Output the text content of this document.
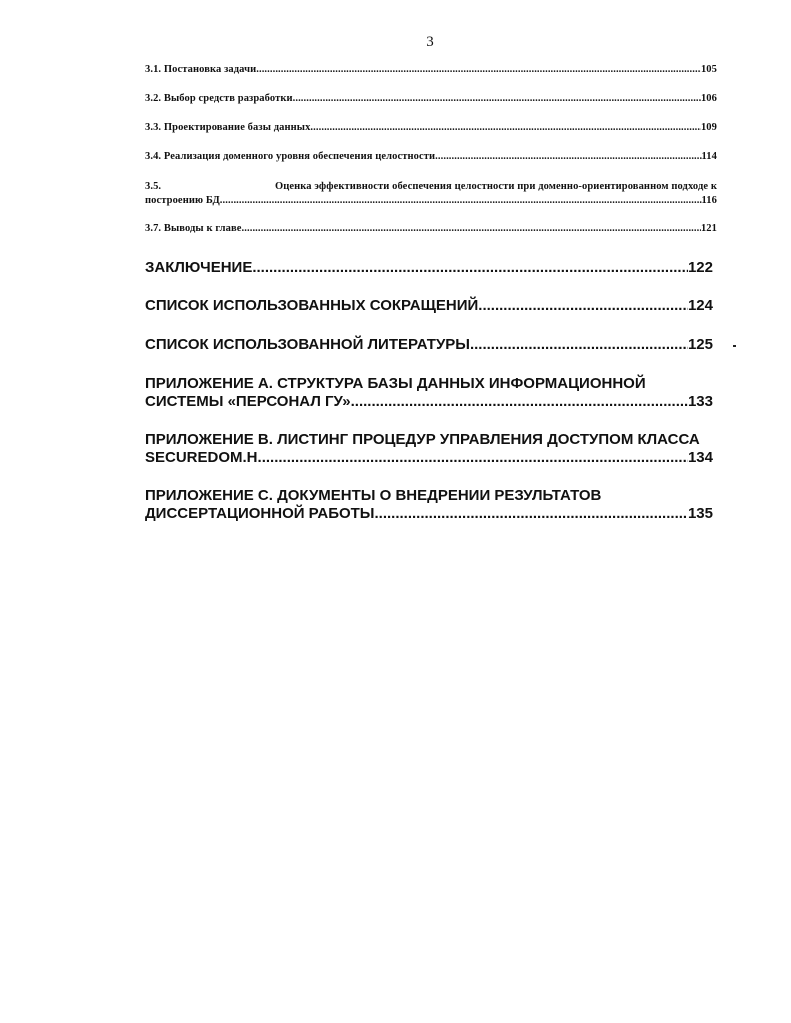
3
3.1. Постановка задачи. .....	105
3.2. Выбор средств разработки. .....	106
3.3. Проектирование базы данных. .....	109
3.4. Реализация доменного уровня обеспечения целостности. .....	114
3.5.	Оценка эффективности обеспечения целостности при доменно-ориентированном подходе к
построению БД. .....	116
3.7. Выводы к главе. .....	121
ЗАКЛЮЧЕНИЕ. .....	122
СПИСОК ИСПОЛЬЗОВАННЫХ СОКРАЩЕНИЙ. .....	124
СПИСОК ИСПОЛЬЗОВАННОЙ ЛИТЕРАТУРЫ. .....	125
ПРИЛОЖЕНИЕ А. СТРУКТУРА БАЗЫ ДАННЫХ ИНФОРМАЦИОННОЙ
СИСТЕМЫ «ПЕРСОНАЛ ГУ». .....	133
ПРИЛОЖЕНИЕ В. ЛИСТИНГ ПРОЦЕДУР УПРАВЛЕНИЯ ДОСТУПОМ КЛАССА
SECUREDOM.H. .....	134
ПРИЛОЖЕНИЕ С. ДОКУМЕНТЫ О ВНЕДРЕНИИ РЕЗУЛЬТАТОВ
ДИССЕРТАЦИОННОЙ РАБОТЫ. .....	135
